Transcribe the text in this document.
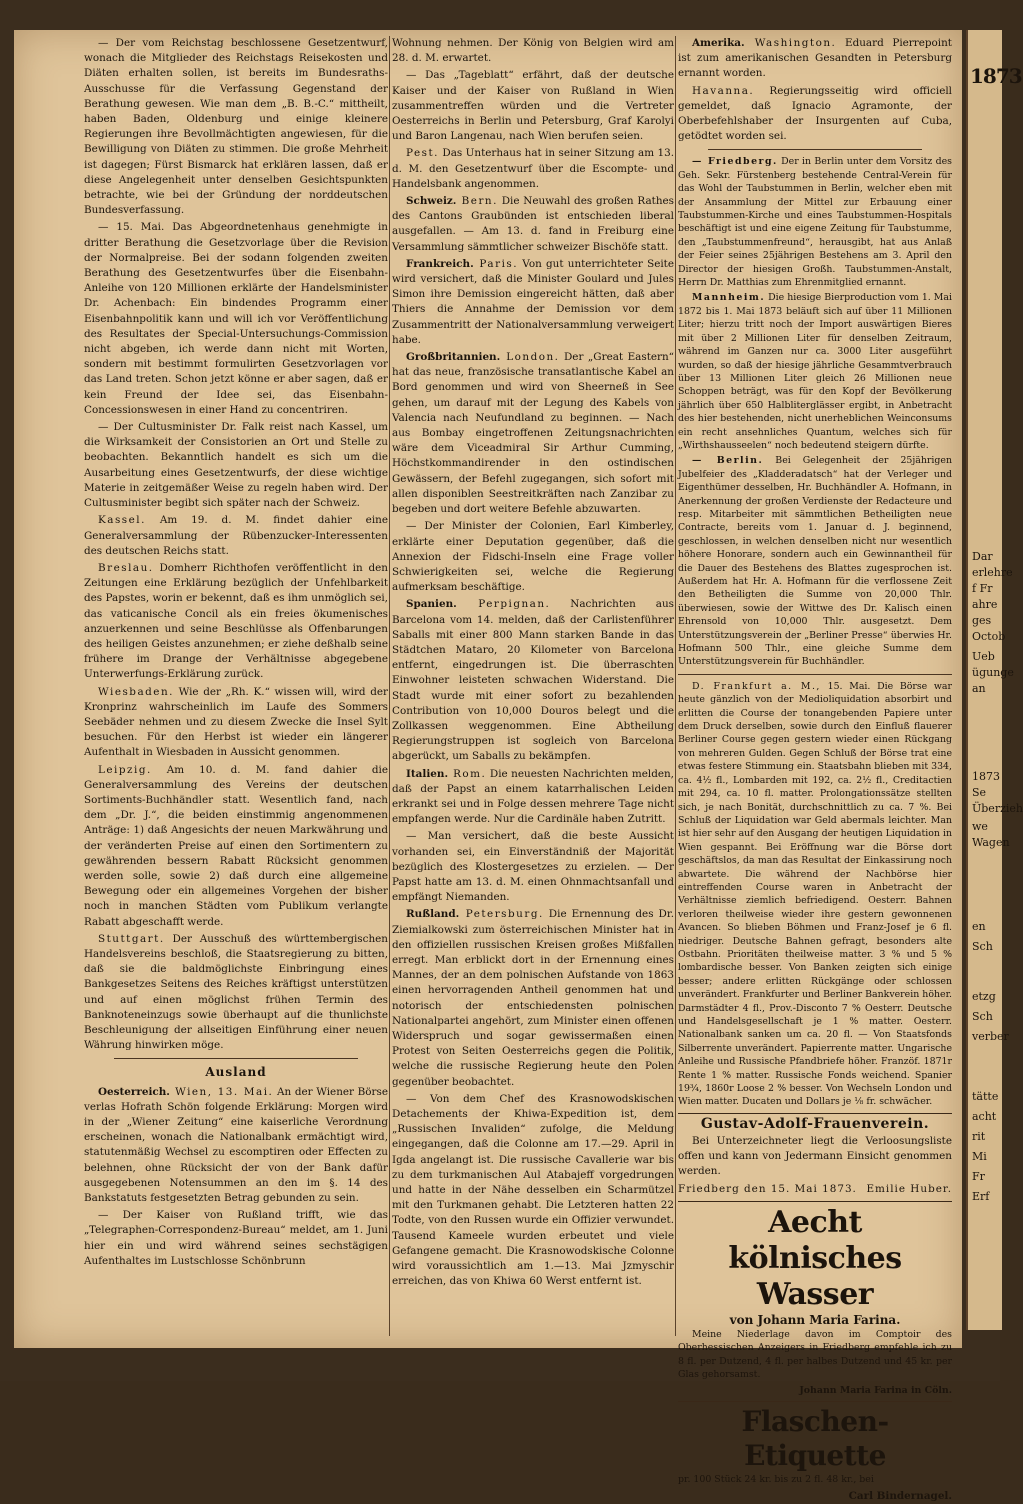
1873
Dar
erlehre
f Fr
ahre
ges
Octob
Ueb
ügunge
an
1873
Se
Überzieh
we
Wagen
en
Sch
etzg
Sch
verber
tätte
acht
rit
Mi
Fr
Erf

— Der vom Reichstag beschlossene Gesetzentwurf, wonach die Mitglieder des Reichstags Reisekosten und Diäten erhalten sollen, ist bereits im Bundesraths-Ausschusse für die Verfassung Gegenstand der Berathung gewesen. Wie man dem „B. B.-C.“ mittheilt, haben Baden, Oldenburg und einige kleinere Regierungen ihre Bevollmächtigten angewiesen, für die Bewilligung von Diäten zu stimmen. Die große Mehrheit ist dagegen; Fürst Bismarck hat erklären lassen, daß er diese Angelegenheit unter denselben Gesichtspunkten betrachte, wie bei der Gründung der norddeutschen Bundesverfassung.

— 15. Mai. Das Abgeordnetenhaus genehmigte in dritter Berathung die Gesetzvorlage über die Revision der Normalpreise. Bei der sodann folgenden zweiten Berathung des Gesetzentwurfes über die Eisenbahn-Anleihe von 120 Millionen erklärte der Handelsminister Dr. Achenbach: Ein bindendes Programm einer Eisenbahnpolitik kann und will ich vor Veröffentlichung des Resultates der Special-Untersuchungs-Commission nicht abgeben, ich werde dann nicht mit Worten, sondern mit bestimmt formulirten Gesetzvorlagen vor das Land treten. Schon jetzt könne er aber sagen, daß er kein Freund der Idee sei, das Eisenbahn-Concessionswesen in einer Hand zu concentriren.

— Der Cultusminister Dr. Falk reist nach Kassel, um die Wirksamkeit der Consistorien an Ort und Stelle zu beobachten. Bekanntlich handelt es sich um die Ausarbeitung eines Gesetzentwurfs, der diese wichtige Materie in zeitgemäßer Weise zu regeln haben wird. Der Cultusminister begibt sich später nach der Schweiz.

Kassel. Am 19. d. M. findet dahier eine Generalversammlung der Rübenzucker-Interessenten des deutschen Reichs statt.

Breslau. Domherr Richthofen veröffentlicht in den Zeitungen eine Erklärung bezüglich der Unfehlbarkeit des Papstes, worin er bekennt, daß es ihm unmöglich sei, das vaticanische Concil als ein freies ökumenisches anzuerkennen und seine Beschlüsse als Offenbarungen des heiligen Geistes anzunehmen; er ziehe deßhalb seine frühere im Drange der Verhältnisse abgegebene Unterwerfungs-Erklärung zurück.

Wiesbaden. Wie der „Rh. K.“ wissen will, wird der Kronprinz wahrscheinlich im Laufe des Sommers Seebäder nehmen und zu diesem Zwecke die Insel Sylt besuchen. Für den Herbst ist wieder ein längerer Aufenthalt in Wiesbaden in Aussicht genommen.

Leipzig. Am 10. d. M. fand dahier die Generalversammlung des Vereins der deutschen Sortiments-Buchhändler statt. Wesentlich fand, nach dem „Dr. J.“, die beiden einstimmig angenommenen Anträge: 1) daß Angesichts der neuen Markwährung und der veränderten Preise auf einen den Sortimentern zu gewährenden bessern Rabatt Rücksicht genommen werden solle, sowie 2) daß durch eine allgemeine Bewegung oder ein allgemeines Vorgehen der bisher noch in manchen Städten vom Publikum verlangte Rabatt abgeschafft werde.

Stuttgart. Der Ausschuß des württembergischen Handelsvereins beschloß, die Staatsregierung zu bitten, daß sie die baldmöglichste Einbringung eines Bankgesetzes Seitens des Reiches kräftigst unterstützen und auf einen möglichst frühen Termin des Banknoteneinzugs sowie überhaupt auf die thunlichste Beschleunigung der allseitigen Einführung einer neuen Währung hinwirken möge.

Ausland

Oesterreich. Wien, 13. Mai. An der Wiener Börse verlas Hofrath Schön folgende Erklärung: Morgen wird in der „Wiener Zeitung“ eine kaiserliche Verordnung erscheinen, wonach die Nationalbank ermächtigt wird, statutenmäßig Wechsel zu escomptiren oder Effecten zu belehnen, ohne Rücksicht der von der Bank dafür ausgegebenen Notensummen an den im §. 14 des Bankstatuts festgesetzten Betrag gebunden zu sein.

— Der Kaiser von Rußland trifft, wie das „Telegraphen-Correspondenz-Bureau“ meldet, am 1. Juni hier ein und wird während seines sechstägigen Aufenthaltes im Lustschlosse Schönbrunn

Wohnung nehmen. Der König von Belgien wird am 28. d. M. erwartet.

— Das „Tageblatt“ erfährt, daß der deutsche Kaiser und der Kaiser von Rußland in Wien zusammentreffen würden und die Vertreter Oesterreichs in Berlin und Petersburg, Graf Karolyi und Baron Langenau, nach Wien berufen seien.

Pest. Das Unterhaus hat in seiner Sitzung am 13. d. M. den Gesetzentwurf über die Escompte- und Handelsbank angenommen.

Schweiz. Bern. Die Neuwahl des großen Rathes des Cantons Graubünden ist entschieden liberal ausgefallen. — Am 13. d. fand in Freiburg eine Versammlung sämmtlicher schweizer Bischöfe statt.

Frankreich. Paris. Von gut unterrichteter Seite wird versichert, daß die Minister Goulard und Jules Simon ihre Demission eingereicht hätten, daß aber Thiers die Annahme der Demission vor dem Zusammentritt der Nationalversammlung verweigert habe.

Großbritannien. London. Der „Great Eastern“ hat das neue, französische transatlantische Kabel an Bord genommen und wird von Sheerneß in See gehen, um darauf mit der Legung des Kabels von Valencia nach Neufundland zu beginnen. — Nach aus Bombay eingetroffenen Zeitungsnachrichten wäre dem Viceadmiral Sir Arthur Cumming, Höchstkommandirender in den ostindischen Gewässern, der Befehl zugegangen, sich sofort mit allen disponiblen Seestreitkräften nach Zanzibar zu begeben und dort weitere Befehle abzuwarten.

— Der Minister der Colonien, Earl Kimberley, erklärte einer Deputation gegenüber, daß die Annexion der Fidschi-Inseln eine Frage voller Schwierigkeiten sei, welche die Regierung aufmerksam beschäftige.

Spanien. Perpignan. Nachrichten aus Barcelona vom 14. melden, daß der Carlistenführer Saballs mit einer 800 Mann starken Bande in das Städtchen Mataro, 20 Kilometer von Barcelona entfernt, eingedrungen ist. Die überraschten Einwohner leisteten schwachen Widerstand. Die Stadt wurde mit einer sofort zu bezahlenden Contribution von 10,000 Douros belegt und die Zollkassen weggenommen. Eine Abtheilung Regierungstruppen ist sogleich von Barcelona abgerückt, um Saballs zu bekämpfen.

Italien. Rom. Die neuesten Nachrichten melden, daß der Papst an einem katarrhalischen Leiden erkrankt sei und in Folge dessen mehrere Tage nicht empfangen werde. Nur die Cardinäle haben Zutritt.

— Man versichert, daß die beste Aussicht vorhanden sei, ein Einverständniß der Majorität bezüglich des Klostergesetzes zu erzielen. — Der Papst hatte am 13. d. M. einen Ohnmachtsanfall und empfängt Niemanden.

Rußland. Petersburg. Die Ernennung des Dr. Ziemialkowski zum österreichischen Minister hat in den offiziellen russischen Kreisen großes Mißfallen erregt. Man erblickt dort in der Ernennung eines Mannes, der an dem polnischen Aufstande von 1863 einen hervorragenden Antheil genommen hat und notorisch der entschiedensten polnischen Nationalpartei angehört, zum Minister einen offenen Widerspruch und sogar gewissermaßen einen Protest von Seiten Oesterreichs gegen die Politik, welche die russische Regierung heute den Polen gegenüber beobachtet.

— Von dem Chef des Krasnowodskischen Detachements der Khiwa-Expedition ist, dem „Russischen Invaliden“ zufolge, die Meldung eingegangen, daß die Colonne am 17.—29. April in Igda angelangt ist. Die russische Cavallerie war bis zu dem turkmanischen Aul Atabajeff vorgedrungen und hatte in der Nähe desselben ein Scharmützel mit den Turkmanen gehabt. Die Letzteren hatten 22 Todte, von den Russen wurde ein Offizier verwundet. Tausend Kameele wurden erbeutet und viele Gefangene gemacht. Die Krasnowodskische Colonne wird voraussichtlich am 1.—13. Mai Jzmyschir erreichen, das von Khiwa 60 Werst entfernt ist.

Amerika. Washington. Eduard Pierrepoint ist zum amerikanischen Gesandten in Petersburg ernannt worden.

Havanna. Regierungsseitig wird officiell gemeldet, daß Ignacio Agramonte, der Oberbefehlshaber der Insurgenten auf Cuba, getödtet worden sei.

— Friedberg. Der in Berlin unter dem Vorsitz des Geh. Sekr. Fürstenberg bestehende Central-Verein für das Wohl der Taubstummen in Berlin, welcher eben mit der Ansammlung der Mittel zur Erbauung einer Taubstummen-Kirche und eines Taubstummen-Hospitals beschäftigt ist und eine eigene Zeitung für Taubstumme, den „Taubstummenfreund“, herausgibt, hat aus Anlaß der Feier seines 25jährigen Bestehens am 3. April den Director der hiesigen Großh. Taubstummen-Anstalt, Herrn Dr. Matthias zum Ehrenmitglied ernannt.

Mannheim. Die hiesige Bierproduction vom 1. Mai 1872 bis 1. Mai 1873 beläuft sich auf über 11 Millionen Liter; hierzu tritt noch der Import auswärtigen Bieres mit über 2 Millionen Liter für denselben Zeitraum, während im Ganzen nur ca. 3000 Liter ausgeführt wurden, so daß der hiesige jährliche Gesammtverbrauch über 13 Millionen Liter gleich 26 Millionen neue Schoppen beträgt, was für den Kopf der Bevölkerung jährlich über 650 Halbliterglässer ergibt, in Anbetracht des hier bestehenden, nicht unerheblichen Weinconsums ein recht ansehnliches Quantum, welches sich für „Wirthshausseelen“ noch bedeutend steigern dürfte.

— Berlin. Bei Gelegenheit der 25jährigen Jubelfeier des „Kladderadatsch“ hat der Verleger und Eigenthümer desselben, Hr. Buchhändler A. Hofmann, in Anerkennung der großen Verdienste der Redacteure und resp. Mitarbeiter mit sämmtlichen Betheiligten neue Contracte, bereits vom 1. Januar d. J. beginnend, geschlossen, in welchen denselben nicht nur wesentlich höhere Honorare, sondern auch ein Gewinnantheil für die Dauer des Bestehens des Blattes zugesprochen ist. Außerdem hat Hr. A. Hofmann für die verflossene Zeit den Betheiligten die Summe von 20,000 Thlr. überwiesen, sowie der Wittwe des Dr. Kalisch einen Ehrensold von 10,000 Thlr. ausgesetzt. Dem Unterstützungsverein der „Berliner Presse“ überwies Hr. Hofmann 500 Thlr., eine gleiche Summe dem Unterstützungsverein für Buchhändler.

D. Frankfurt a. M., 15. Mai. Die Börse war heute gänzlich von der Medioliquidation absorbirt und erlitten die Course der tonangebenden Papiere unter dem Druck derselben, sowie durch den Einfluß flauerer Berliner Course gegen gestern wieder einen Rückgang von mehreren Gulden. Gegen Schluß der Börse trat eine etwas festere Stimmung ein. Staatsbahn blieben mit 334, ca. 4½ fl., Lombarden mit 192, ca. 2½ fl., Creditactien mit 294, ca. 10 fl. matter. Prolongationssätze stellten sich, je nach Bonität, durchschnittlich zu ca. 7 %. Bei Schluß der Liquidation war Geld abermals leichter. Man ist hier sehr auf den Ausgang der heutigen Liquidation in Wien gespannt. Bei Eröffnung war die Börse dort geschäftslos, da man das Resultat der Einkassirung noch abwartete. Die während der Nachbörse hier eintreffenden Course waren in Anbetracht der Verhältnisse ziemlich befriedigend. Oesterr. Bahnen verloren theilweise wieder ihre gestern gewonnenen Avancen. So blieben Böhmen und Franz-Josef je 6 fl. niedriger. Deutsche Bahnen gefragt, besonders alte Ostbahn. Prioritäten theilweise matter. 3 % und 5 % lombardische besser. Von Banken zeigten sich einige besser; andere erlitten Rückgänge oder schlossen unverändert. Frankfurter und Berliner Bankverein höher. Darmstädter 4 fl., Prov.-Disconto 7 % Oesterr. Deutsche und Handelsgesellschaft je 1 % matter. Oesterr. Nationalbank sanken um ca. 20 fl. — Von Staatsfonds Silberrente unverändert. Papierrente matter. Ungarische Anleihe und Russische Pfandbriefe höher. Franzöf. 1871r Rente 1 % matter. Russische Fonds weichend. Spanier 19¾, 1860r Loose 2 % besser. Von Wechseln London und Wien matter. Ducaten und Dollars je ⅛ fr. schwächer.

Gustav-Adolf-Frauenverein.

Bei Unterzeichneter liegt die Verloosungsliste offen und kann von Jedermann Einsicht genommen werden.

Friedberg den 15. Mai 1873. Emilie Huber.
Aecht kölnisches Wasser
von Johann Maria Farina.

Meine Niederlage davon im Comptoir des Oberhessischen Anzeigers in Friedberg empfehle ich zu 8 fl. per Dutzend, 4 fl. per halbes Dutzend und 45 kr. per Glas gehorsamst.

Johann Maria Farina in Cöln.
Flaschen-Etiquette

pr. 100 Stück 24 kr. bis zu 2 fl. 48 kr., bei

Carl Bindernagel.
